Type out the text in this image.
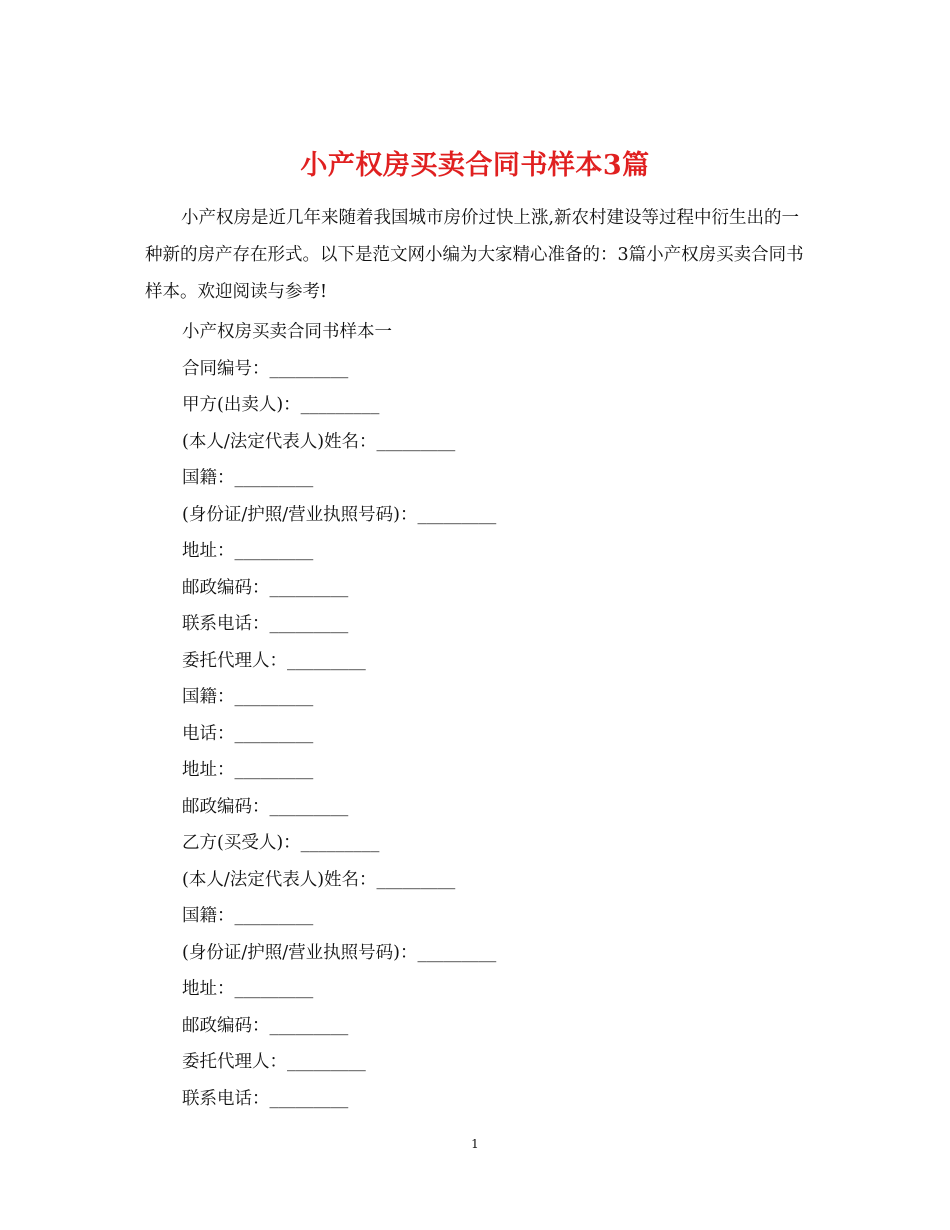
小产权房买卖合同书样本3篇

小产权房是近几年来随着我国城市房价过快上涨,新农村建设等过程中衍生出的一种新的房产存在形式。以下是范文网小编为大家精心准备的：3篇小产权房买卖合同书样本。欢迎阅读与参考!

小产权房买卖合同书样本一
合同编号：_________
甲方(出卖人)：_________
(本人/法定代表人)姓名：_________
国籍：_________
(身份证/护照/营业执照号码)：_________
地址：_________
邮政编码：_________
联系电话：_________
委托代理人：_________
国籍：_________
电话：_________
地址：_________
邮政编码：_________
乙方(买受人)：_________
(本人/法定代表人)姓名：_________
国籍：_________
(身份证/护照/营业执照号码)：_________
地址：_________
邮政编码：_________
委托代理人：_________
联系电话：_________
1
